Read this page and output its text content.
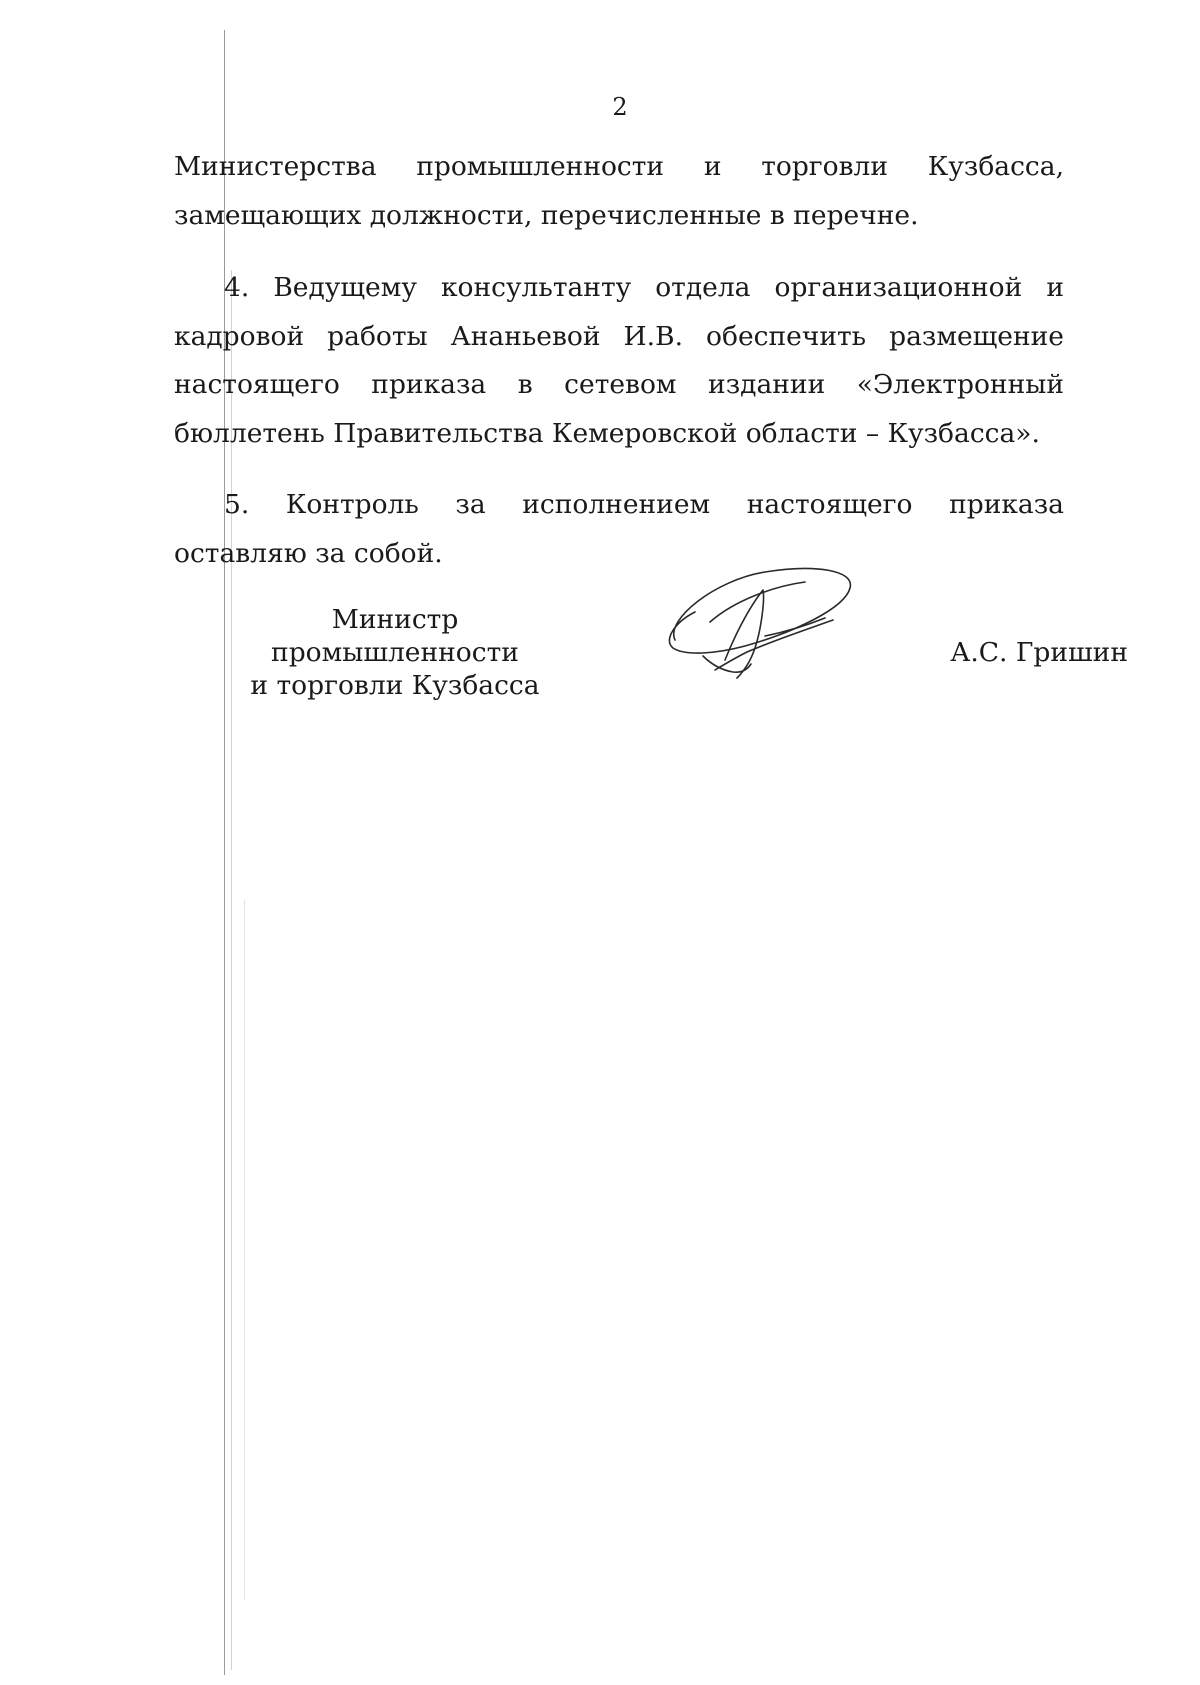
2

Министерства промышленности и торговли Кузбасса, замещающих должности, перечисленные в перечне.

4. Ведущему консультанту отдела организационной и кадровой работы Ананьевой И.В. обеспечить размещение настоящего приказа в сетевом издании «Электронный бюллетень Правительства Кемеровской области – Кузбасса».

5. Контроль за исполнением настоящего приказа оставляю за собой.

Министр промышленности
и торговли Кузбасса
А.С. Гришин
